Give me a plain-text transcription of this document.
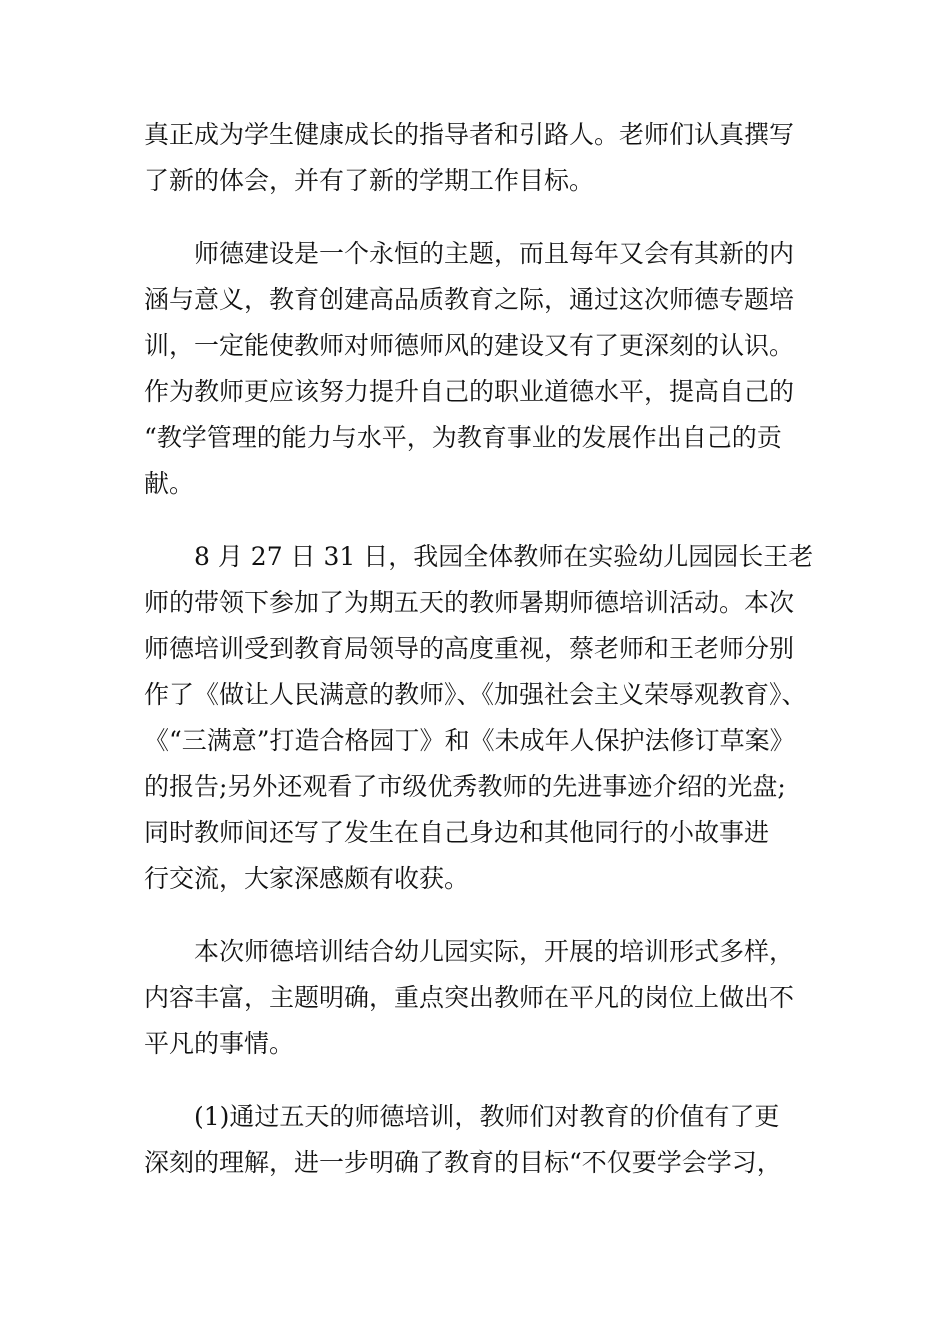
真正成为学生健康成长的指导者和引路人。老师们认真撰写
了新的体会，并有了新的学期工作目标。

　　师德建设是一个永恒的主题，而且每年又会有其新的内
涵与意义，教育创建高品质教育之际，通过这次师德专题培
训，一定能使教师对师德师风的建设又有了更深刻的认识。
作为教师更应该努力提升自己的职业道德水平，提高自己的
“教学管理的能力与水平，为教育事业的发展作出自己的贡
献。

　　8 月 27 日 31 日，我园全体教师在实验幼儿园园长王老
师的带领下参加了为期五天的教师暑期师德培训活动。本次
师德培训受到教育局领导的高度重视，蔡老师和王老师分别
作了《做让人民满意的教师》、《加强社会主义荣辱观教育》、
《“三满意”打造合格园丁》和《未成年人保护法修订草案》
的报告;另外还观看了市级优秀教师的先进事迹介绍的光盘;
同时教师间还写了发生在自己身边和其他同行的小故事进
行交流，大家深感颇有收获。

　　本次师德培训结合幼儿园实际，开展的培训形式多样，
内容丰富，主题明确，重点突出教师在平凡的岗位上做出不
平凡的事情。

　　(1)通过五天的师德培训，教师们对教育的价值有了更
深刻的理解，进一步明确了教育的目标“不仅要学会学习，
